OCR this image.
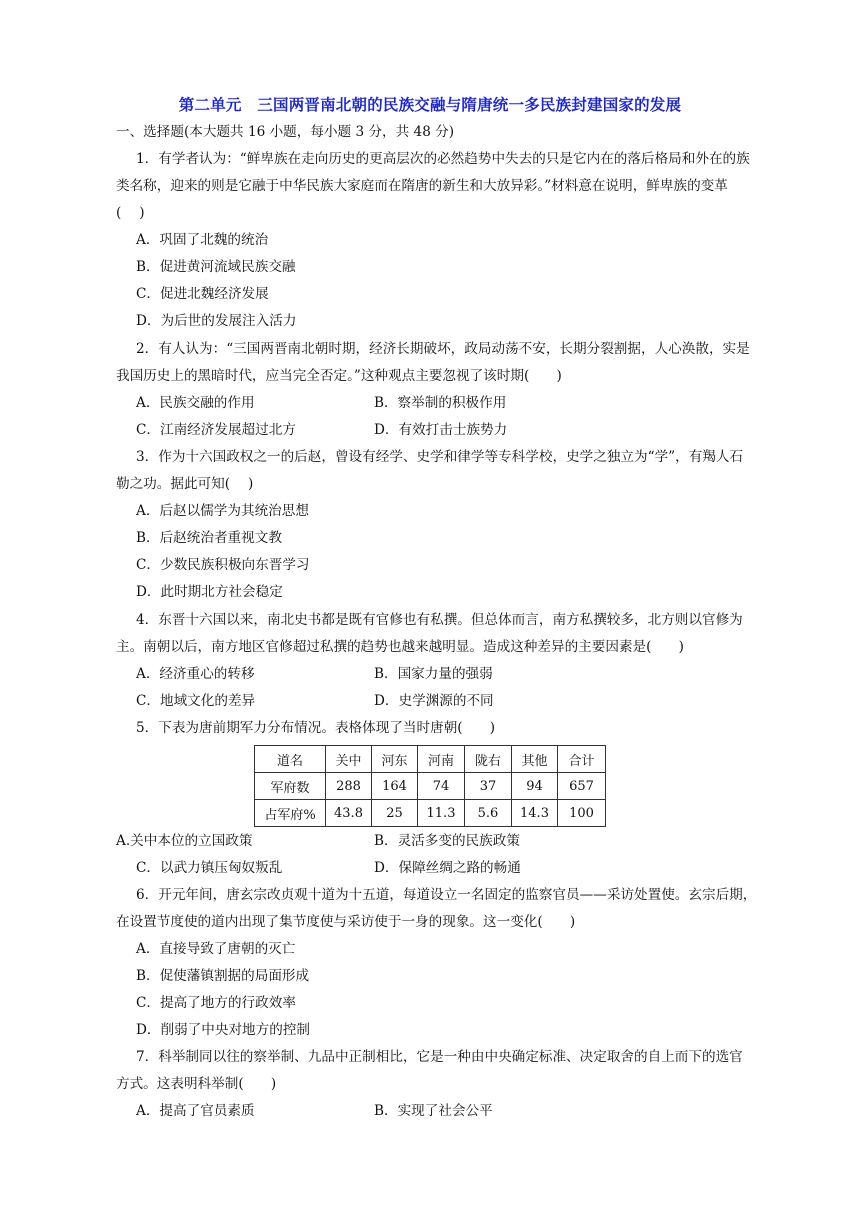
第二单元　三国两晋南北朝的民族交融与隋唐统一多民族封建国家的发展
一、选择题(本大题共 16 小题，每小题 3 分，共 48 分)
1．有学者认为：“鲜卑族在走向历史的更高层次的必然趋势中失去的只是它内在的落后格局和外在的族
类名称，迎来的则是它融于中华民族大家庭而在隋唐的新生和大放异彩。”材料意在说明，鲜卑族的变革
(　 )
A．巩固了北魏的统治
B．促进黄河流域民族交融
C．促进北魏经济发展
D．为后世的发展注入活力
2．有人认为：“三国两晋南北朝时期，经济长期破坏，政局动荡不安，长期分裂割据，人心涣散，实是
我国历史上的黑暗时代，应当完全否定。”这种观点主要忽视了该时期(　　)
A．民族交融的作用	B．察举制的积极作用
C．江南经济发展超过北方	D．有效打击士族势力
3．作为十六国政权之一的后赵，曾设有经学、史学和律学等专科学校，史学之独立为“学”，有羯人石
勒之功。据此可知(　 )
A．后赵以儒学为其统治思想
B．后赵统治者重视文教
C．少数民族积极向东晋学习
D．此时期北方社会稳定
4．东晋十六国以来，南北史书都是既有官修也有私撰。但总体而言，南方私撰较多，北方则以官修为
主。南朝以后，南方地区官修超过私撰的趋势也越来越明显。造成这种差异的主要因素是(　　)
A．经济重心的转移	B．国家力量的强弱
C．地域文化的差异	D．史学渊源的不同
5．下表为唐前期军力分布情况。表格体现了当时唐朝(　　)
道名	关中	河东	河南	陇右	其他	合计
军府数	288	164	74	37	94	657
占军府%	43.8	25	11.3	5.6	14.3	100
A.关中本位的立国政策	B．灵活多变的民族政策
C．以武力镇压匈奴叛乱	D．保障丝绸之路的畅通
6．开元年间，唐玄宗改贞观十道为十五道，每道设立一名固定的监察官员——采访处置使。玄宗后期，
在设置节度使的道内出现了集节度使与采访使于一身的现象。这一变化(　　)
A．直接导致了唐朝的灭亡
B．促使藩镇割据的局面形成
C．提高了地方的行政效率
D．削弱了中央对地方的控制
7．科举制同以往的察举制、九品中正制相比，它是一种由中央确定标准、决定取舍的自上而下的选官
方式。这表明科举制(　　)
A．提高了官员素质	B．实现了社会公平
